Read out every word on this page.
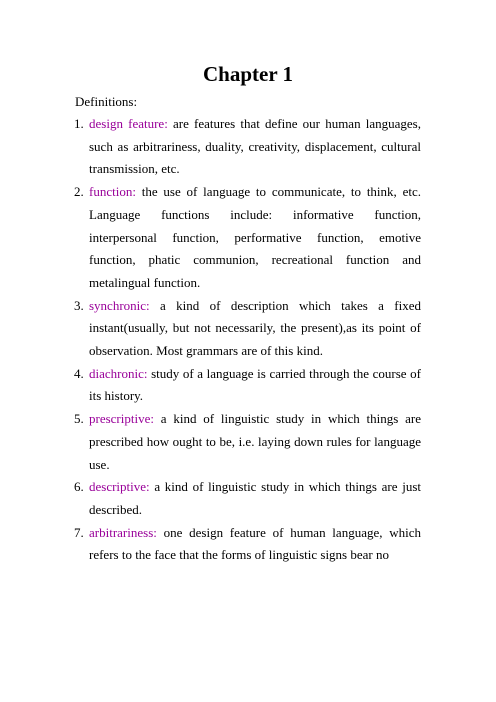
Chapter 1
Definitions:
1. design feature: are features that define our human languages, such as arbitrariness, duality, creativity, displacement, cultural transmission, etc.
2. function: the use of language to communicate, to think, etc. Language functions include: informative function, interpersonal function, performative function, emotive function, phatic communion, recreational function and metalingual function.
3. synchronic: a kind of description which takes a fixed instant(usually, but not necessarily, the present),as its point of observation. Most grammars are of this kind.
4. diachronic: study of a language is carried through the course of its history.
5. prescriptive: a kind of linguistic study in which things are prescribed how ought to be, i.e. laying down rules for language use.
6. descriptive: a kind of linguistic study in which things are just described.
7. arbitrariness: one design feature of human language, which refers to the face that the forms of linguistic signs bear no
